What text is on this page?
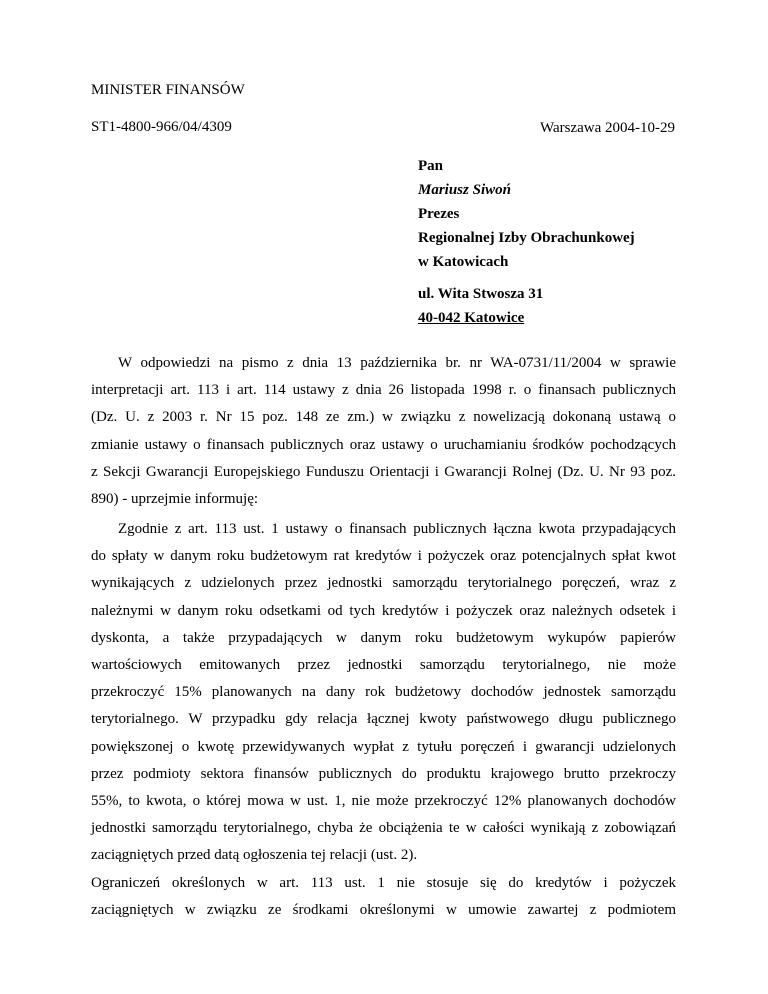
MINISTER FINANSÓW
Warszawa 2004-10-29
ST1-4800-966/04/4309
Pan
Mariusz Siwoń
Prezes
Regionalnej Izby Obrachunkowej
w Katowicach
ul. Wita Stwosza 31
40-042 Katowice

W odpowiedzi na pismo z dnia 13 października br. nr WA-0731/11/2004 w sprawie

interpretacji art. 113 i art. 114 ustawy z dnia 26 listopada 1998 r. o finansach publicznych

(Dz. U. z 2003 r. Nr 15 poz. 148 ze zm.) w związku z nowelizacją dokonaną ustawą o

zmianie ustawy o finansach publicznych oraz ustawy o uruchamianiu środków pochodzących

z Sekcji Gwarancji Europejskiego Funduszu Orientacji i Gwarancji Rolnej (Dz. U. Nr 93 poz.

890) - uprzejmie informuję:

Zgodnie z art. 113 ust. 1 ustawy o finansach publicznych łączna kwota przypadających

do spłaty w danym roku budżetowym rat kredytów i pożyczek oraz potencjalnych spłat kwot

wynikających z udzielonych przez jednostki samorządu terytorialnego poręczeń, wraz z

należnymi w danym roku odsetkami od tych kredytów i pożyczek oraz należnych odsetek i

dyskonta, a także przypadających w danym roku budżetowym wykupów papierów

wartościowych emitowanych przez jednostki samorządu terytorialnego, nie może

przekroczyć 15% planowanych na dany rok budżetowy dochodów jednostek samorządu

terytorialnego. W przypadku gdy relacja łącznej kwoty państwowego długu publicznego

powiększonej o kwotę przewidywanych wypłat z tytułu poręczeń i gwarancji udzielonych

przez podmioty sektora finansów publicznych do produktu krajowego brutto przekroczy

55%, to kwota, o której mowa w ust. 1, nie może przekroczyć 12% planowanych dochodów

jednostki samorządu terytorialnego, chyba że obciążenia te w całości wynikają z zobowiązań

zaciągniętych przed datą ogłoszenia tej relacji (ust. 2).

Ograniczeń określonych w art. 113 ust. 1 nie stosuje się do kredytów i pożyczek

zaciągniętych w związku ze środkami określonymi w umowie zawartej z podmiotem
